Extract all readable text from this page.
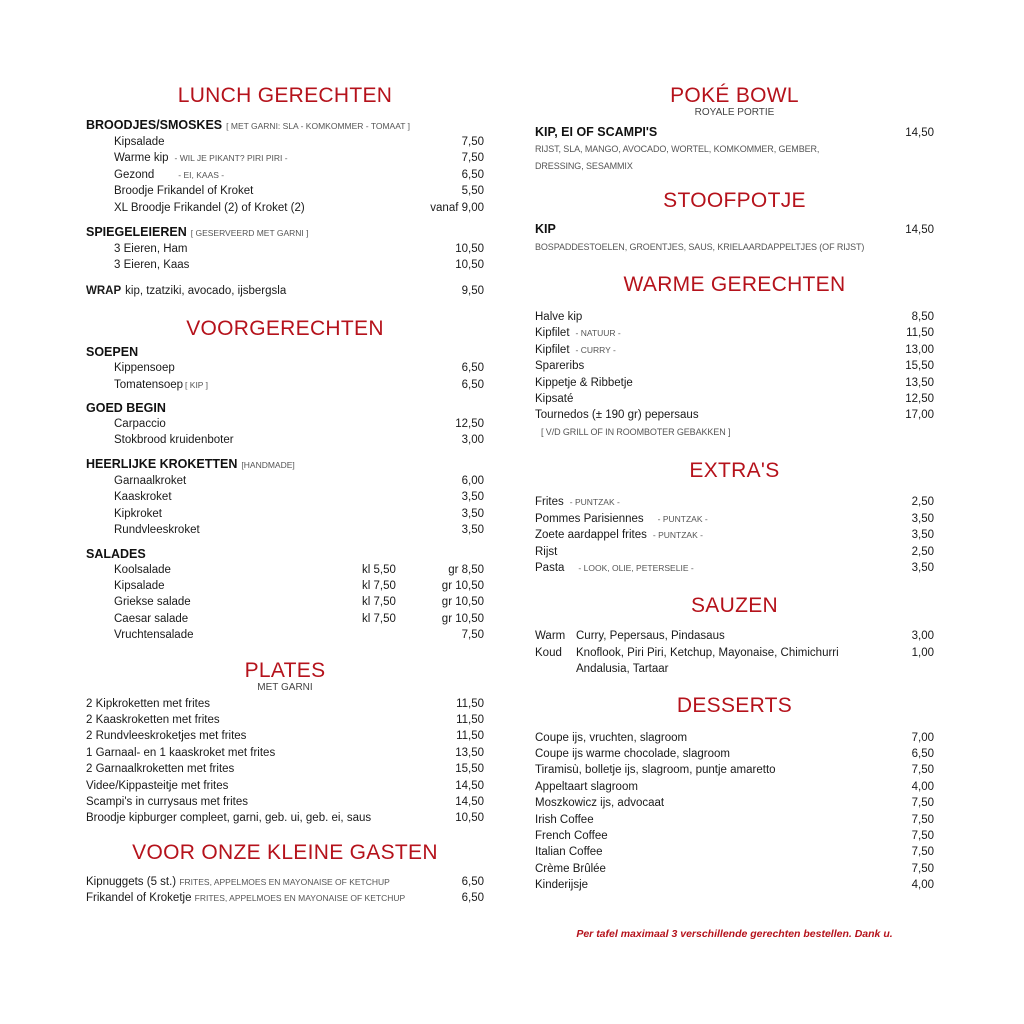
LUNCH GERECHTEN
BROODJES/SMOSKES [ MET GARNI: SLA - KOMKOMMER - TOMAAT ]
Kipsalade	7,50
Warme kip - WIL JE PIKANT? PIRI PIRI -	7,50
Gezond	- EI, KAAS -	6,50
Broodje Frikandel of Kroket	5,50
XL Broodje Frikandel (2) of Kroket (2)	vanaf 9,00
SPIEGELEIEREN [ GESERVEERD MET GARNI ]
3 Eieren, Ham	10,50
3 Eieren, Kaas	10,50
WRAP kip, tzatziki, avocado, ijsbergsla	9,50
VOORGERECHTEN
SOEPEN
Kippensoep	6,50
Tomatensoep [ KIP ]	6,50
GOED BEGIN
Carpaccio	12,50
Stokbrood kruidenboter	3,00
HEERLIJKE KROKETTEN [HANDMADE]
Garnaalkroket	6,00
Kaaskroket	3,50
Kipkroket	3,50
Rundvleeskroket	3,50
SALADES
Koolsalade	kl 5,50	gr 8,50
Kipsalade	kl 7,50	gr 10,50
Griekse salade	kl 7,50	gr 10,50
Caesar salade	kl 7,50	gr 10,50
Vruchtensalade	7,50
PLATES
MET GARNI
2 Kipkroketten met frites	11,50
2 Kaaskroketten met frites	11,50
2 Rundvleeskroketjes met frites	11,50
1 Garnaal- en 1 kaaskroket met frites	13,50
2 Garnaalkroketten met frites	15,50
Videe/Kippasteitje met frites	14,50
Scampi's in currysaus met frites	14,50
Broodje kipburger compleet, garni, geb. ui, geb. ei, saus	10,50
VOOR ONZE KLEINE GASTEN
Kipnuggets (5 st.) FRITES, APPELMOES EN MAYONAISE OF KETCHUP	6,50
Frikandel of Kroketje FRITES, APPELMOES EN MAYONAISE OF KETCHUP	6,50
POKÉ BOWL
ROYALE PORTIE
KIP, EI OF SCAMPI'S	14,50
RIJST, SLA, MANGO, AVOCADO, WORTEL, KOMKOMMER, GEMBER,
DRESSING, SESAMMIX
STOOFPOTJE
KIP	14,50
BOSPADDESTOELEN, GROENTJES, SAUS, KRIELAARDAPPELTJES (OF RIJST)
WARME GERECHTEN
Halve kip	8,50
Kipfilet - NATUUR -	11,50
Kipfilet - CURRY -	13,00
Spareribs	15,50
Kippetje & Ribbetje	13,50
Kipsaté	12,50
Tournedos (± 190 gr) pepersaus	17,00
[ V/D GRILL OF IN ROOMBOTER GEBAKKEN ]
EXTRA'S
Frites - PUNTZAK -	2,50
Pommes Parisiennes - PUNTZAK -	3,50
Zoete aardappel frites - PUNTZAK -	3,50
Rijst	2,50
Pasta - LOOK, OLIE, PETERSELIE -	3,50
SAUZEN
Warm Curry, Pepersaus, Pindasaus	3,00
Koud	Knoflook, Piri Piri, Ketchup, Mayonaise, Chimichurri	1,00
Andalusia, Tartaar
DESSERTS
Coupe ijs, vruchten, slagroom	7,00
Coupe ijs warme chocolade, slagroom	6,50
Tiramisù, bolletje ijs, slagroom, puntje amaretto	7,50
Appeltaart slagroom	4,00
Moszkowicz ijs, advocaat	7,50
Irish Coffee	7,50
French Coffee	7,50
Italian Coffee	7,50
Crème Brûlée	7,50
Kinderijsje	4,00
Per tafel maximaal 3 verschillende gerechten bestellen. Dank u.
